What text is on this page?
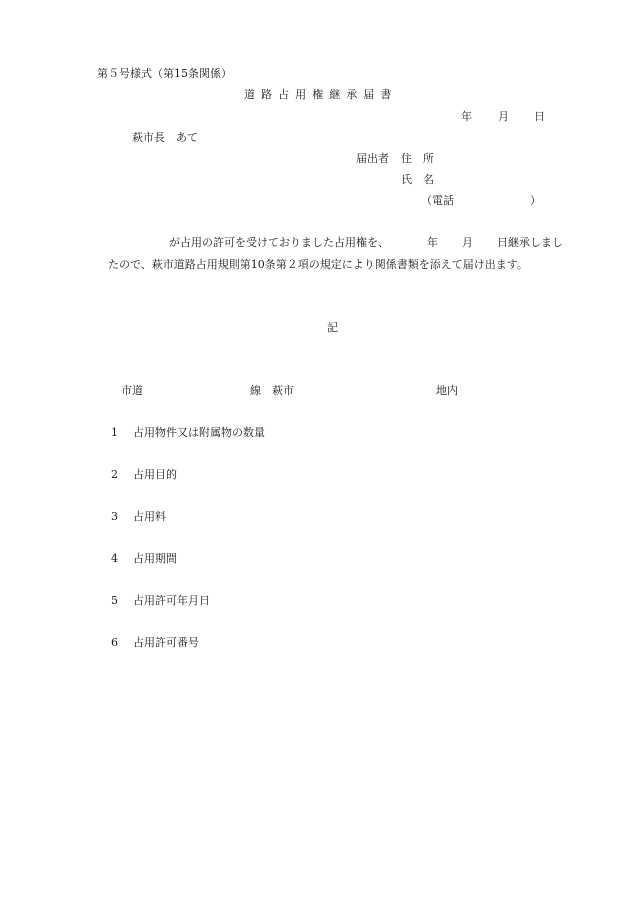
第５号様式（第15条関係）
道路占用権継承届書
年 月 日
萩市長　あて
届出者 住　所
氏　名
（電話	）
が占用の許可を受けておりました占用権を、	年 月 日継承しまし
たので、萩市道路占用規則第10条第２項の規定により関係書類を添えて届け出ます。
記
市道	線　萩市	地内
1 占用物件又は附属物の数量
2 占用目的
3 占用料
4 占用期間
5 占用許可年月日
6 占用許可番号
